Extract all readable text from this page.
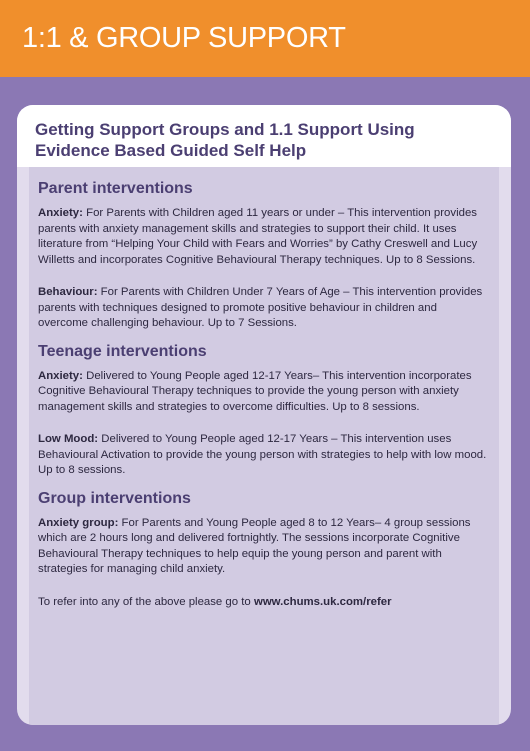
1:1 & GROUP SUPPORT
Getting Support Groups and 1.1 Support Using
Evidence Based Guided Self Help
Parent interventions

Anxiety: For Parents with Children aged 11 years or under – This intervention provides parents with anxiety management skills and strategies to support their child. It uses literature from “Helping Your Child with Fears and Worries” by Cathy Creswell and Lucy Willetts and incorporates Cognitive Behavioural Therapy techniques. Up to 8 Sessions.

Behaviour: For Parents with Children Under 7 Years of Age – This intervention provides parents with techniques designed to promote positive behaviour in children and overcome challenging behaviour. Up to 7 Sessions.

Teenage interventions

Anxiety: Delivered to Young People aged 12-17 Years– This intervention incorporates Cognitive Behavioural Therapy techniques to provide the young person with anxiety management skills and strategies to overcome difficulties. Up to 8 sessions.

Low Mood: Delivered to Young People aged 12-17 Years – This intervention uses Behavioural Activation to provide the young person with strategies to help with low mood. Up to 8 sessions.

Group interventions

Anxiety group: For Parents and Young People aged 8 to 12 Years– 4 group sessions which are 2 hours long and delivered fortnightly. The sessions incorporate Cognitive Behavioural Therapy techniques to help equip the young person and parent with strategies for managing child anxiety.

To refer into any of the above please go to www.chums.uk.com/refer
